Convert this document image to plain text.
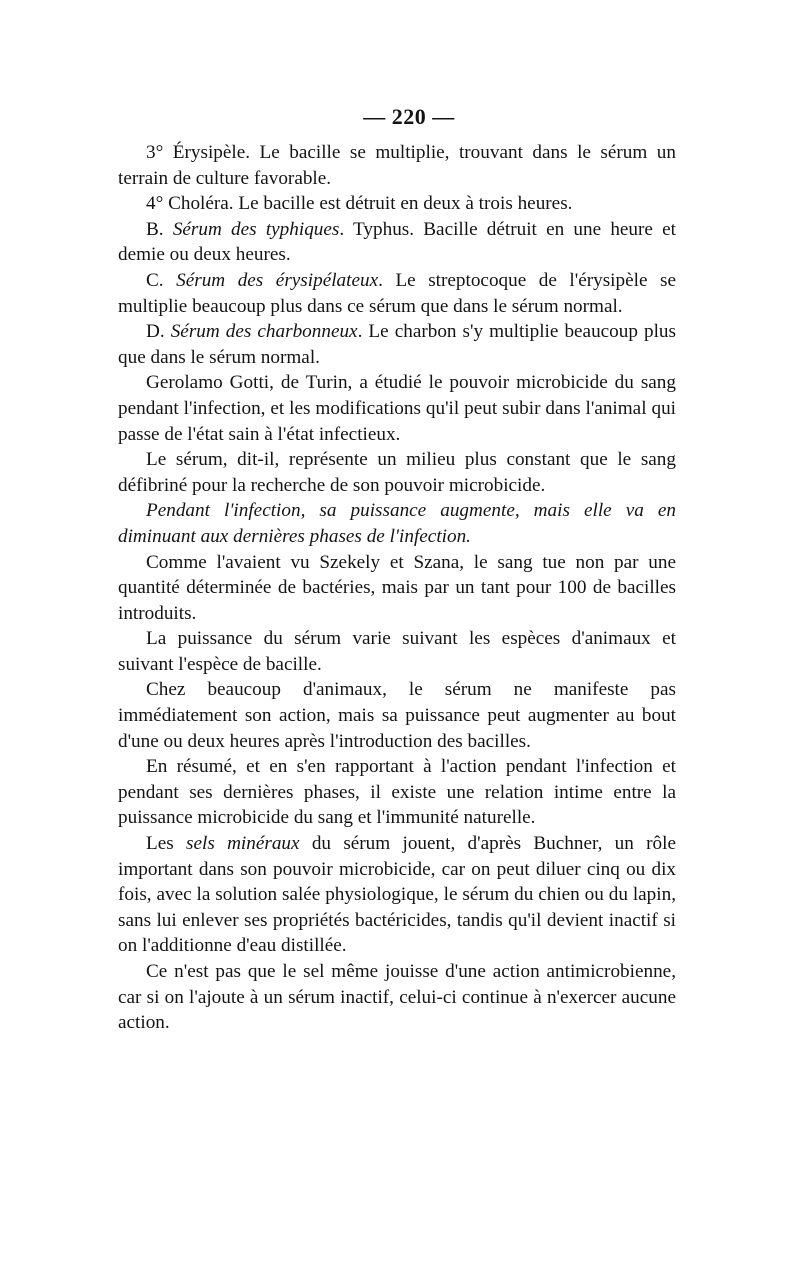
— 220 —

3° Érysipèle. Le bacille se multiplie, trouvant dans le sérum un terrain de culture favorable.

4° Choléra. Le bacille est détruit en deux à trois heures.

B. Sérum des typhiques. Typhus. Bacille détruit en une heure et demie ou deux heures.

C. Sérum des érysipélateux. Le streptocoque de l'érysipèle se multiplie beaucoup plus dans ce sérum que dans le sérum normal.

D. Sérum des charbonneux. Le charbon s'y multiplie beaucoup plus que dans le sérum normal.

Gerolamo Gotti, de Turin, a étudié le pouvoir microbicide du sang pendant l'infection, et les modifications qu'il peut subir dans l'animal qui passe de l'état sain à l'état infectieux.

Le sérum, dit-il, représente un milieu plus constant que le sang défibriné pour la recherche de son pouvoir microbicide.

Pendant l'infection, sa puissance augmente, mais elle va en diminuant aux dernières phases de l'infection.

Comme l'avaient vu Szekely et Szana, le sang tue non par une quantité déterminée de bactéries, mais par un tant pour 100 de bacilles introduits.

La puissance du sérum varie suivant les espèces d'animaux et suivant l'espèce de bacille.

Chez beaucoup d'animaux, le sérum ne manifeste pas immédiatement son action, mais sa puissance peut augmenter au bout d'une ou deux heures après l'introduction des bacilles.

En résumé, et en s'en rapportant à l'action pendant l'infection et pendant ses dernières phases, il existe une relation intime entre la puissance microbicide du sang et l'immunité naturelle.

Les sels minéraux du sérum jouent, d'après Buchner, un rôle important dans son pouvoir microbicide, car on peut diluer cinq ou dix fois, avec la solution salée physiologique, le sérum du chien ou du lapin, sans lui enlever ses propriétés bactéricides, tandis qu'il devient inactif si on l'additionne d'eau distillée.

Ce n'est pas que le sel même jouisse d'une action antimicrobienne, car si on l'ajoute à un sérum inactif, celui-ci continue à n'exercer aucune action.
